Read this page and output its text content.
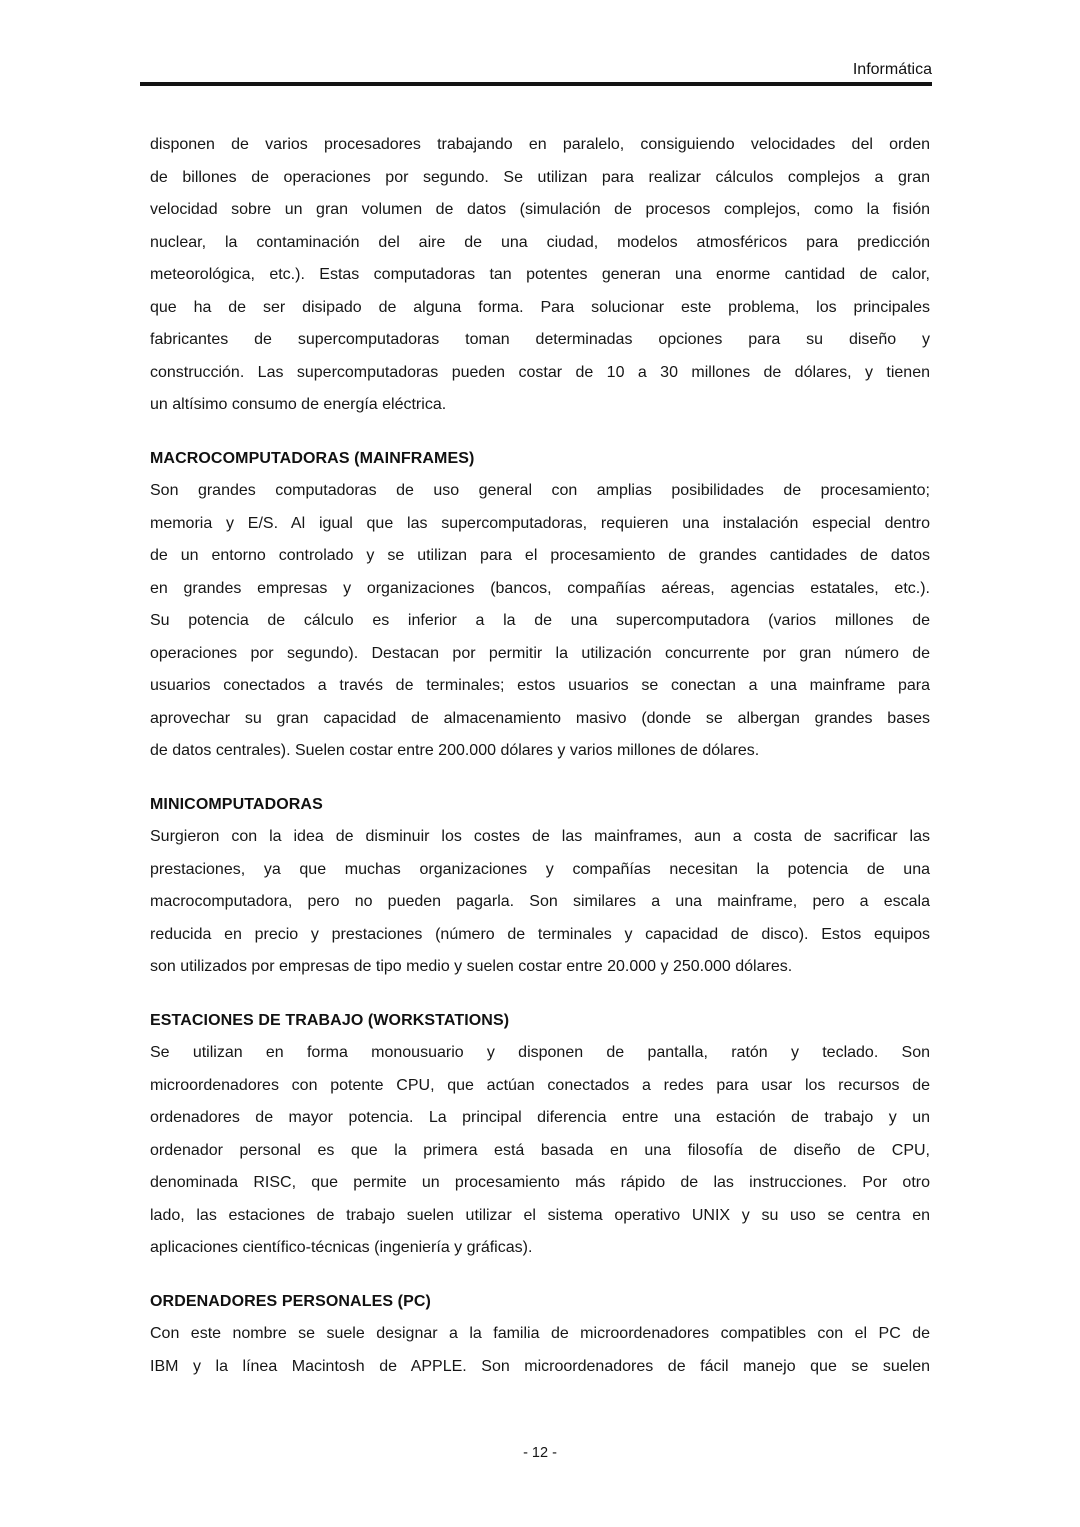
Informática
disponen de varios procesadores trabajando en paralelo, consiguiendo velocidades del orden
de billones de operaciones por segundo. Se utilizan para realizar cálculos complejos a gran
velocidad sobre un gran volumen de datos (simulación de procesos complejos, como la fisión
nuclear, la contaminación del aire de una ciudad, modelos atmosféricos para predicción
meteorológica, etc.). Estas computadoras tan potentes generan una enorme cantidad de calor,
que ha de ser disipado de alguna forma. Para solucionar este problema, los principales
fabricantes de supercomputadoras toman determinadas opciones para su diseño y
construcción. Las supercomputadoras pueden costar de 10 a 30 millones de dólares, y tienen
un altísimo consumo de energía eléctrica.
MACROCOMPUTADORAS (MAINFRAMES)
Son grandes computadoras de uso general con amplias posibilidades de procesamiento;
memoria y E/S. Al igual que las supercomputadoras, requieren una instalación especial dentro
de un entorno controlado y se utilizan para el procesamiento de grandes cantidades de datos
en grandes empresas y organizaciones (bancos, compañías aéreas, agencias estatales, etc.).
Su potencia de cálculo es inferior a la de una supercomputadora (varios millones de
operaciones por segundo). Destacan por permitir la utilización concurrente por gran número de
usuarios conectados a través de terminales; estos usuarios se conectan a una mainframe para
aprovechar su gran capacidad de almacenamiento masivo (donde se albergan grandes bases
de datos centrales). Suelen costar entre 200.000 dólares y varios millones de dólares.
MINICOMPUTADORAS
Surgieron con la idea de disminuir los costes de las mainframes, aun a costa de sacrificar las
prestaciones, ya que muchas organizaciones y compañías necesitan la potencia de una
macrocomputadora, pero no pueden pagarla. Son similares a una mainframe, pero a escala
reducida en precio y prestaciones (número de terminales y capacidad de disco). Estos equipos
son utilizados por empresas de tipo medio y suelen costar entre 20.000 y 250.000 dólares.
ESTACIONES DE TRABAJO (WORKSTATIONS)
Se utilizan en forma monousuario y disponen de pantalla, ratón y teclado. Son
microordenadores con potente CPU, que actúan conectados a redes para usar los recursos de
ordenadores de mayor potencia. La principal diferencia entre una estación de trabajo y un
ordenador personal es que la primera está basada en una filosofía de diseño de CPU,
denominada RISC, que permite un procesamiento más rápido de las instrucciones. Por otro
lado, las estaciones de trabajo suelen utilizar el sistema operativo UNIX y su uso se centra en
aplicaciones científico-técnicas (ingeniería y gráficas).
ORDENADORES PERSONALES (PC)
Con este nombre se suele designar a la familia de microordenadores compatibles con el PC de
IBM y la línea Macintosh de APPLE. Son microordenadores de fácil manejo que se suelen
- 12 -
